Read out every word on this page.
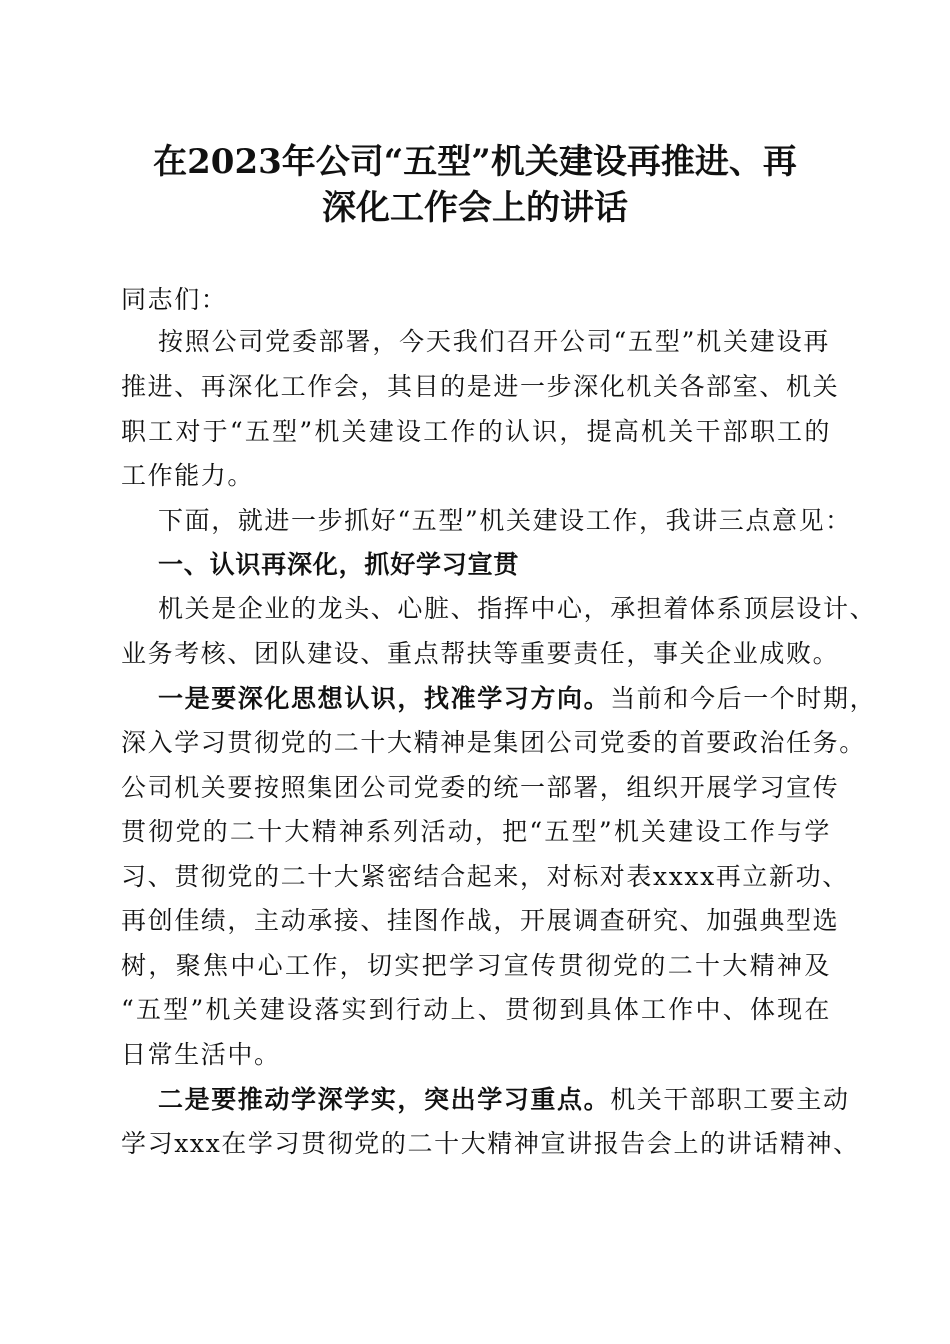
在2023年公司“五型”机关建设再推进、再
深化工作会上的讲话

同志们：

按照公司党委部署，今天我们召开公司“五型”机关建设再

推进、再深化工作会，其目的是进一步深化机关各部室、机关

职工对于“五型”机关建设工作的认识，提高机关干部职工的

工作能力。

下面，就进一步抓好“五型”机关建设工作，我讲三点意见：

一、认识再深化，抓好学习宣贯

机关是企业的龙头、心脏、指挥中心，承担着体系顶层设计、

业务考核、团队建设、重点帮扶等重要责任，事关企业成败。

一是要深化思想认识，找准学习方向。当前和今后一个时期，

深入学习贯彻党的二十大精神是集团公司党委的首要政治任务。

公司机关要按照集团公司党委的统一部署，组织开展学习宣传

贯彻党的二十大精神系列活动，把“五型”机关建设工作与学

习、贯彻党的二十大紧密结合起来，对标对表xxxx再立新功、

再创佳绩，主动承接、挂图作战，开展调查研究、加强典型选

树，聚焦中心工作，切实把学习宣传贯彻党的二十大精神及

“五型”机关建设落实到行动上、贯彻到具体工作中、体现在

日常生活中。

二是要推动学深学实，突出学习重点。机关干部职工要主动

学习xxx在学习贯彻党的二十大精神宣讲报告会上的讲话精神、
